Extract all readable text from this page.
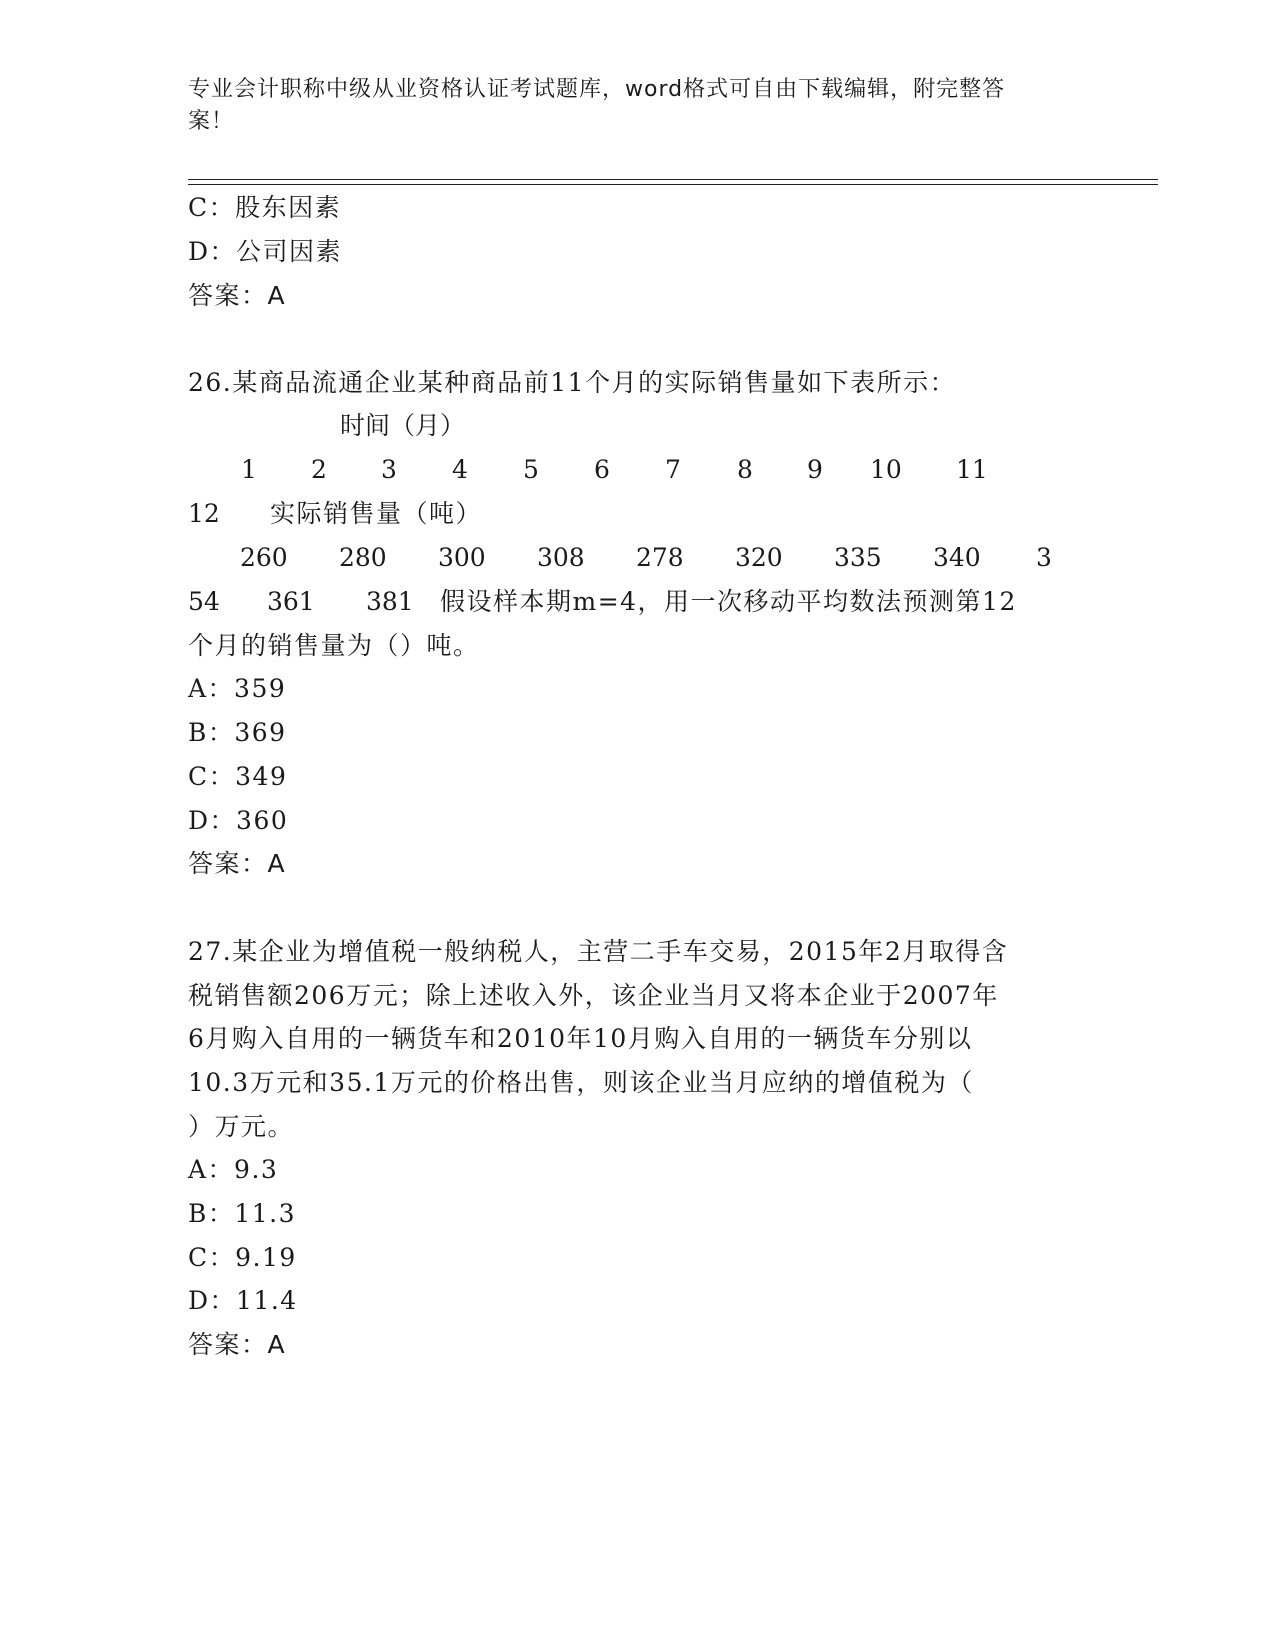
专业会计职称中级从业资格认证考试题库，word格式可自由下载编辑，附完整答
案！
C：股东因素
D：公司因素
答案：A
26.某商品流通企业某种商品前11个月的实际销售量如下表所示：
时间（月）
1 2 3 4 5 6 7 8 9 10 11
12 实际销售量（吨）
260 280 300 308 278 320 335 340 3
54 361 381 假设样本期m=4，用一次移动平均数法预测第12
个月的销售量为（）吨。
A：359
B：369
C：349
D：360
答案：A
27.某企业为增值税一般纳税人，主营二手车交易，2015年2月取得含
税销售额206万元；除上述收入外，该企业当月又将本企业于2007年
6月购入自用的一辆货车和2010年10月购入自用的一辆货车分别以
10.3万元和35.1万元的价格出售，则该企业当月应纳的增值税为（
）万元。
A：9.3
B：11.3
C：9.19
D：11.4
答案：A
